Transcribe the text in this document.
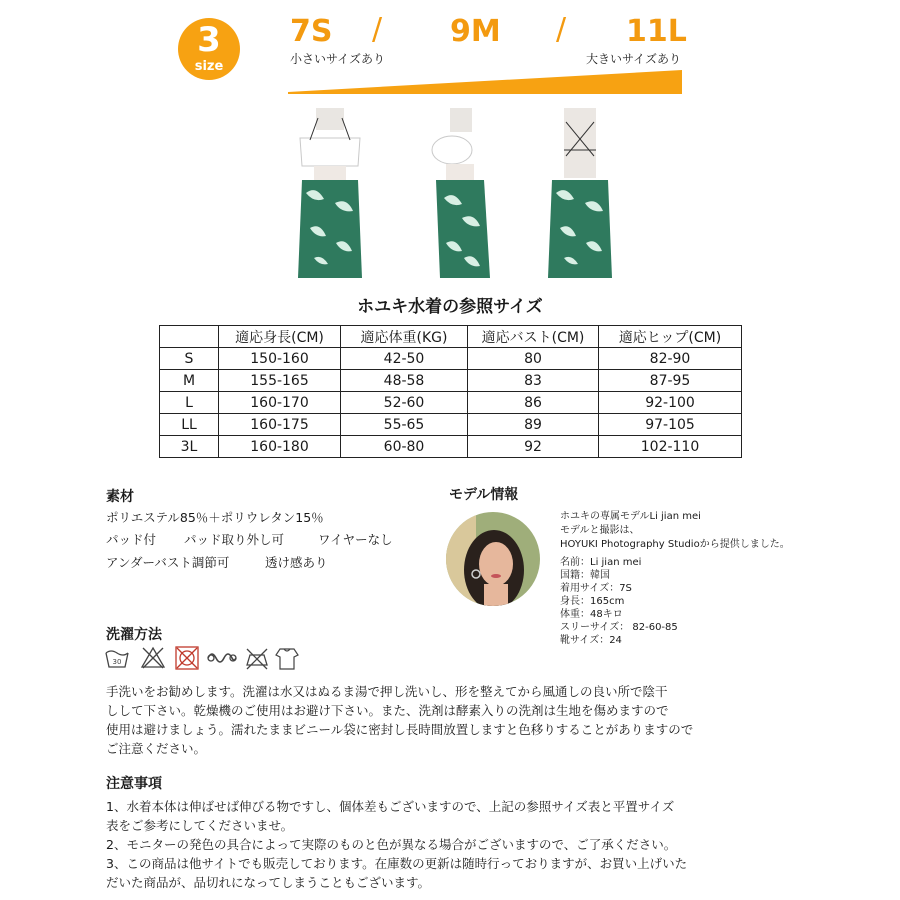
3
size
7S / 9M / 11L
小さいサイズあり	大きいサイズあり
ホユキ水着の参照サイズ
	適応身長(CM)	適応体重(KG)	適応バスト(CM)	適応ヒップ(CM)
S	150-160	42-50	80	82-90
M	155-165	48-58	83	87-95
L	160-170	52-60	86	92-100
LL	160-175	55-65	89	97-105
3L	160-180	60-80	92	102-110
素材
ポリエステル85％＋ポリウレタン15％
パッド付 パッド取り外し可	ワイヤーなし
アンダーバスト調節可	透け感あり
モデル情報
ホユキの専属モデルLi jian mei
モデルと撮影は、
HOYUKI Photography Studioから提供しました。
名前：Li jian mei
国籍：韓国
着用サイズ：7S
身長：165cm
体重：48キロ
スリーサイズ： 82-60-85
靴サイズ：24
洗濯方法
30
手洗いをお勧めします。洗濯は水又はぬるま湯で押し洗いし、形を整えてから風通しの良い所で陰干
しして下さい。乾燥機のご使用はお避け下さい。また、洗剤は酵素入りの洗剤は生地を傷めますので
使用は避けましょう。濡れたままビニール袋に密封し長時間放置しますと色移りすることがありますので
ご注意ください。
注意事項
1、水着本体は伸ばせば伸びる物ですし、個体差もございますので、上記の参照サイズ表と平置サイズ
表をご参考にしてくださいませ。
2、モニターの発色の具合によって実際のものと色が異なる場合がございますので、ご了承ください。
3、この商品は他サイトでも販売しております。在庫数の更新は随時行っておりますが、お買い上げいた
だいた商品が、品切れになってしまうこともございます。
